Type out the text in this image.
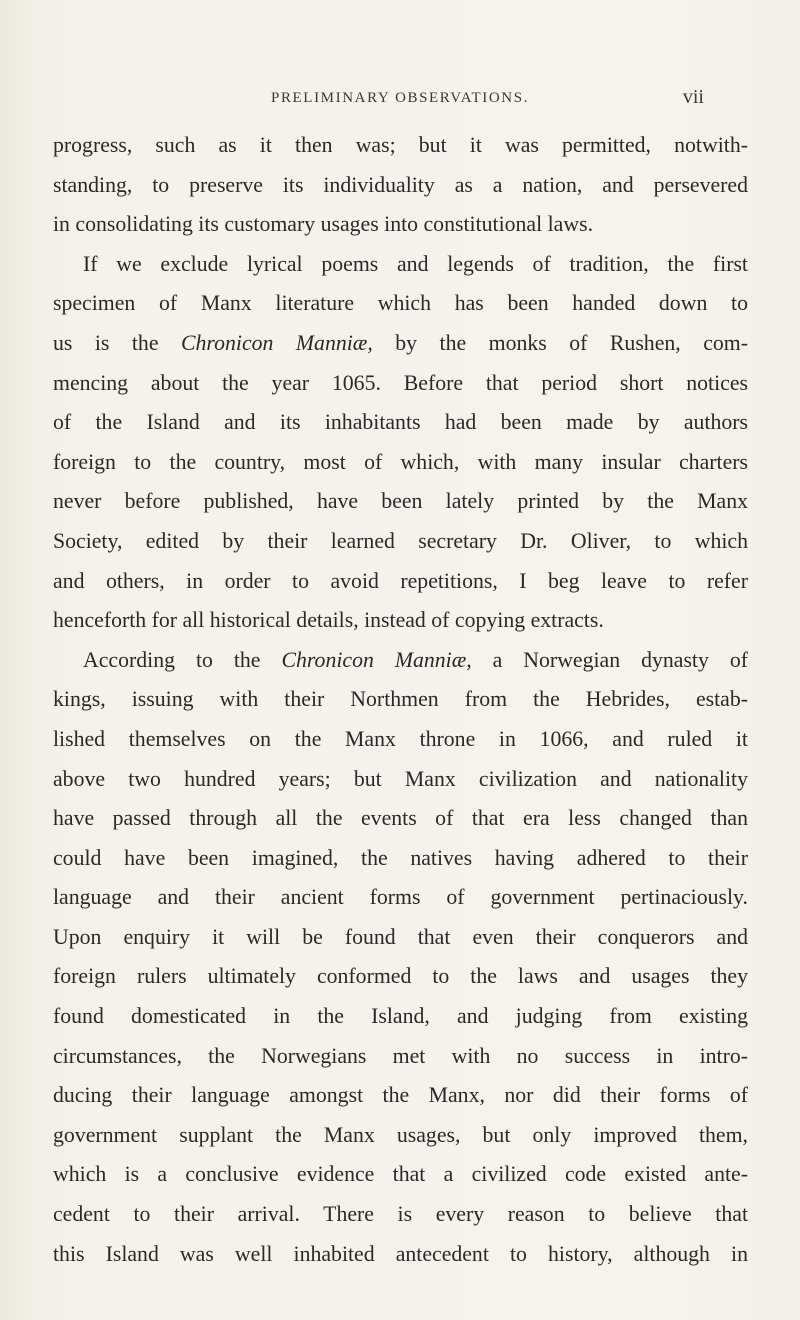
PRELIMINARY OBSERVATIONS.	vii
progress, such as it then was; but it was permitted, notwith-
standing, to preserve its individuality as a nation, and persevered
in consolidating its customary usages into constitutional laws.
If we exclude lyrical poems and legends of tradition, the first
specimen of Manx literature which has been handed down to
us is the Chronicon Manniæ, by the monks of Rushen, com-
mencing about the year 1065. Before that period short notices
of the Island and its inhabitants had been made by authors
foreign to the country, most of which, with many insular charters
never before published, have been lately printed by the Manx
Society, edited by their learned secretary Dr. Oliver, to which
and others, in order to avoid repetitions, I beg leave to refer
henceforth for all historical details, instead of copying extracts.
According to the Chronicon Manniæ, a Norwegian dynasty of
kings, issuing with their Northmen from the Hebrides, estab-
lished themselves on the Manx throne in 1066, and ruled it
above two hundred years; but Manx civilization and nationality
have passed through all the events of that era less changed than
could have been imagined, the natives having adhered to their
language and their ancient forms of government pertinaciously.
Upon enquiry it will be found that even their conquerors and
foreign rulers ultimately conformed to the laws and usages they
found domesticated in the Island, and judging from existing
circumstances, the Norwegians met with no success in intro-
ducing their language amongst the Manx, nor did their forms of
government supplant the Manx usages, but only improved them,
which is a conclusive evidence that a civilized code existed ante-
cedent to their arrival. There is every reason to believe that
this Island was well inhabited antecedent to history, although in
